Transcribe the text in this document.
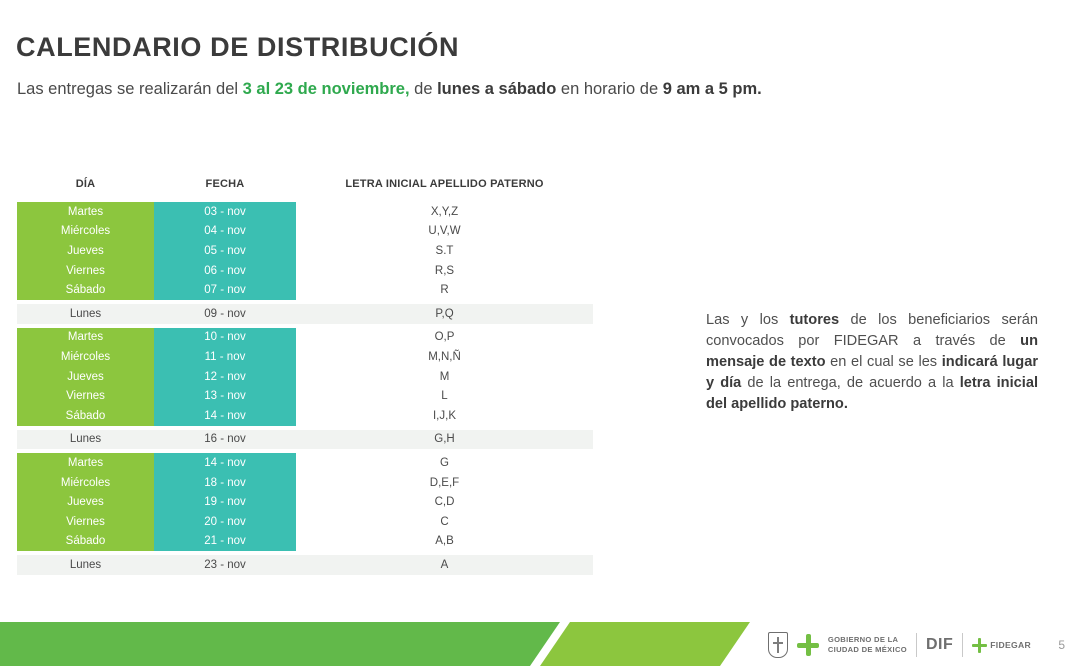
CALENDARIO DE DISTRIBUCIÓN
Las entregas se realizarán del 3 al 23 de noviembre, de lunes a sábado en horario de 9 am a 5 pm.
DÍA	FECHA	LETRA INICIAL APELLIDO PATERNO
Martes	03 - nov	X,Y,Z
Miércoles	04 - nov	U,V,W
Jueves	05 - nov	S.T
Viernes	06 - nov	R,S
Sábado	07 - nov	R
Lunes	09 - nov	P,Q
Martes	10 - nov	O,P
Miércoles	11 - nov	M,N,Ñ
Jueves	12 - nov	M
Viernes	13 - nov	L
Sábado	14 - nov	I,J,K
Lunes	16 - nov	G,H
Martes	14 - nov	G
Miércoles	18 - nov	D,E,F
Jueves	19 - nov	C,D
Viernes	20 - nov	C
Sábado	21 - nov	A,B
Lunes	23 - nov	A
Las y los tutores de los beneficiarios serán convocados por FIDEGAR a través de un mensaje de texto en el cual se les indicará lugar y día de la entrega, de acuerdo a la letra inicial del apellido paterno.
GOBIERNO DE LA
CIUDAD DE MÉXICO DIF	FIDEGAR 5
